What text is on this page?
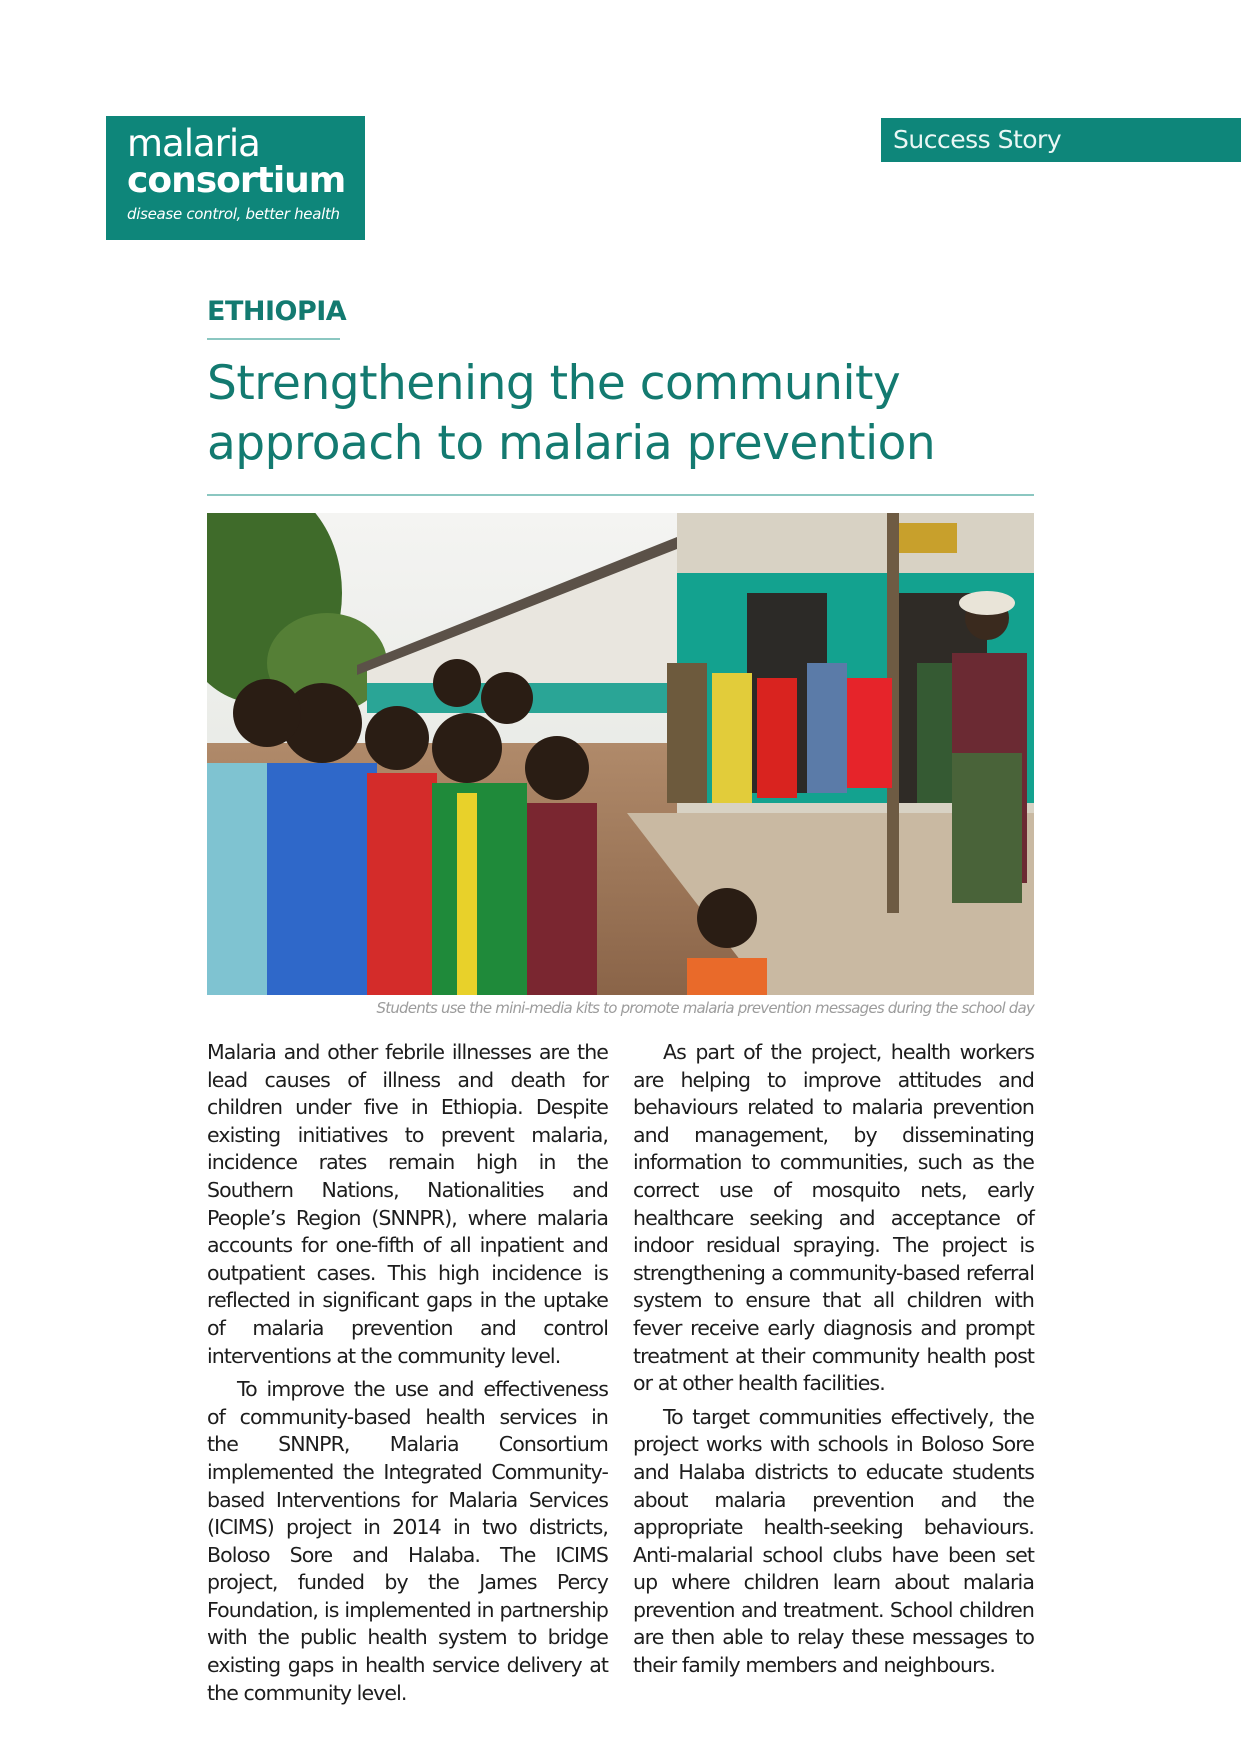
malaria
consortium
disease control, better health
Success Story
ETHIOPIA
Strengthening the community approach to malaria prevention
Students use the mini-media kits to promote malaria prevention messages during the school day

Malaria and other febrile illnesses are the lead causes of illness and death for children under five in Ethiopia. Despite existing initiatives to prevent malaria, incidence rates remain high in the Southern Nations, Nationalities and People’s Region (SNNPR), where malaria accounts for one-fifth of all inpatient and outpatient cases. This high incidence is reflected in significant gaps in the uptake of malaria prevention and control interventions at the community level.

To improve the use and effectiveness of community-based health services in the SNNPR, Malaria Consortium implemented the Integrated Community-based Interventions for Malaria Services (ICIMS) project in 2014 in two districts, Boloso Sore and Halaba. The ICIMS project, funded by the James Percy Foundation, is implemented in partnership with the public health system to bridge existing gaps in health service delivery at the community level.

As part of the project, health workers are helping to improve attitudes and behaviours related to malaria prevention and management, by disseminating information to communities, such as the correct use of mosquito nets, early healthcare seeking and acceptance of indoor residual spraying. The project is strengthening a community-based referral system to ensure that all children with fever receive early diagnosis and prompt treatment at their community health post or at other health facilities.

To target communities effectively, the project works with schools in Boloso Sore and Halaba districts to educate students about malaria prevention and the appropriate health-seeking behaviours. Anti-malarial school clubs have been set up where children learn about malaria prevention and treatment. School children are then able to relay these messages to their family members and neighbours.
